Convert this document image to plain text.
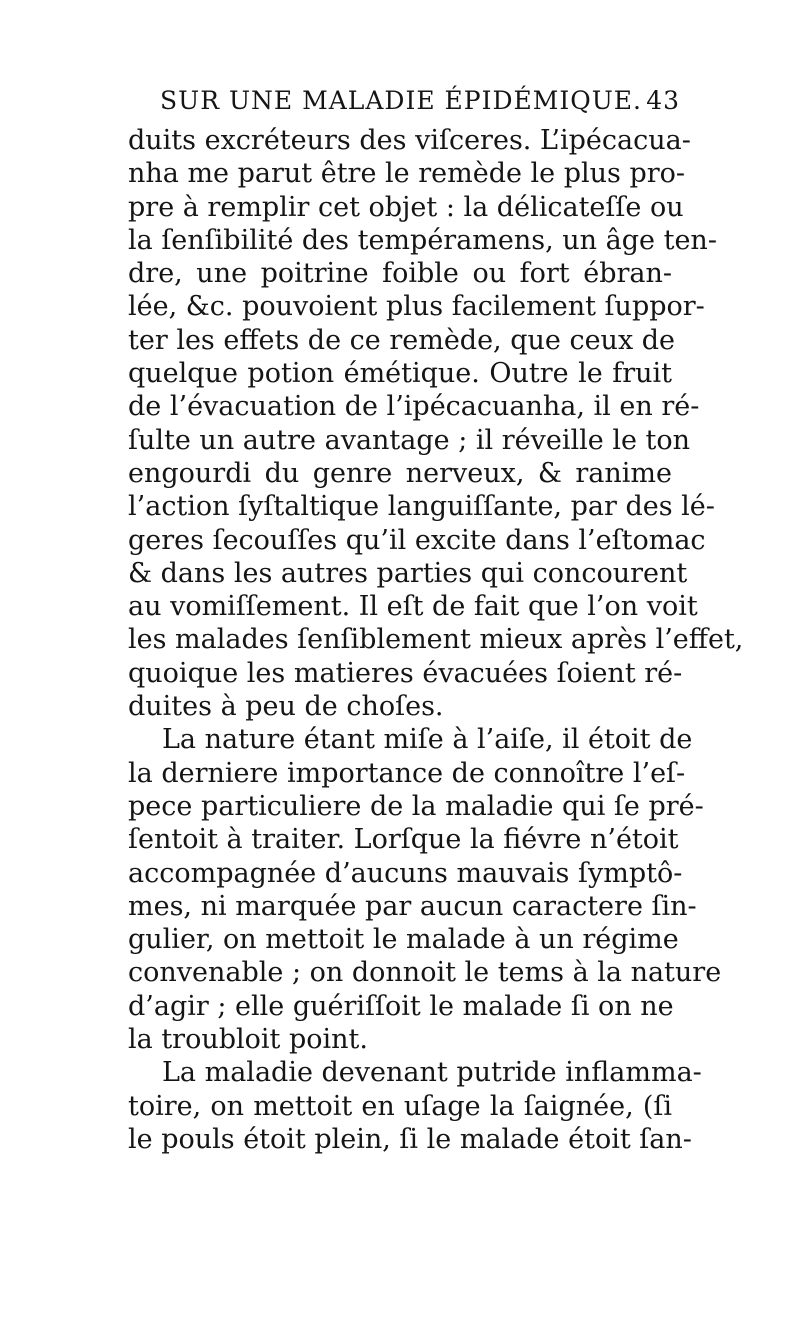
SUR UNE MALADIE ÉPIDÉMIQUE. 43
duits excréteurs des viſceres. L’ipécacua-
nha me parut être le remède le plus pro-
pre à remplir cet objet : la délicateſſe ou
la ſenſibilité des tempéramens, un âge ten-
dre, une poitrine foible ou fort ébran-
lée, &c. pouvoient plus facilement ſuppor-
ter les effets de ce remède, que ceux de
quelque potion émétique. Outre le fruit
de l’évacuation de l’ipécacuanha, il en ré-
ſulte un autre avantage ; il réveille le ton
engourdi du genre nerveux, & ranime
l’action ſyſtaltique languiſſante, par des lé-
geres ſecouſſes qu’il excite dans l’eſtomac
& dans les autres parties qui concourent
au vomiſſement. Il eſt de fait que l’on voit
les malades ſenſiblement mieux après l’effet,
quoique les matieres évacuées ſoient ré-
duites à peu de choſes.
La nature étant miſe à l’aiſe, il étoit de
la derniere importance de connoître l’eſ-
pece particuliere de la maladie qui ſe pré-
ſentoit à traiter. Lorſque la fiévre n’étoit
accompagnée d’aucuns mauvais ſymptô-
mes, ni marquée par aucun caractere ſin-
gulier, on mettoit le malade à un régime
convenable ; on donnoit le tems à la nature
d’agir ; elle guériſſoit le malade ſi on ne
la troubloit point.
La maladie devenant putride inflamma-
toire, on mettoit en uſage la ſaignée, (ſi
le pouls étoit plein, ſi le malade étoit ſan-
